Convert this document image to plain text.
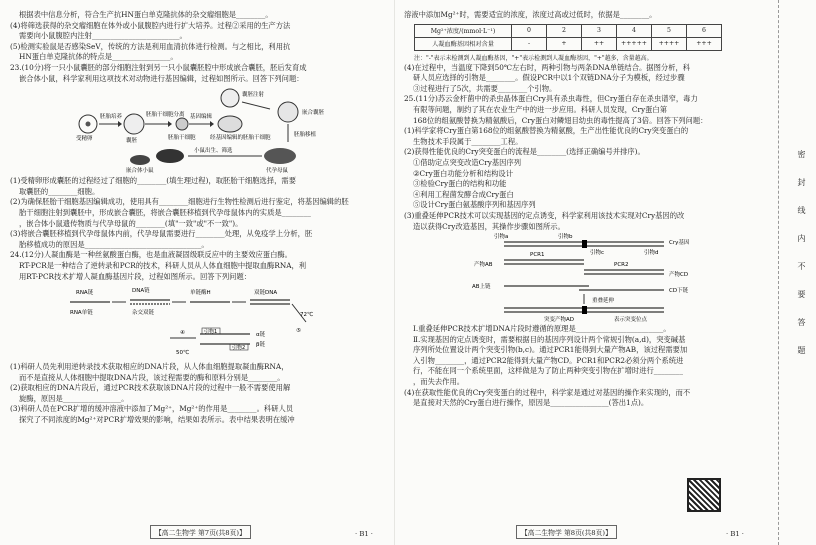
根据表中信息分析，符合生产抗HN蛋白单克隆抗体的杂交瘤细胞是________。

(4)将筛选获得的杂交瘤细胞在体外或小鼠腹腔内进行扩大培养。过程②采用的生产方法

需要向小鼠腹腔内注射________________________。

(5)检测实验鼠是否感染SeV，传统的方法是利用血清抗体进行检测。与之相比，利用抗

HN蛋白单克隆抗体的特点是________________。

23.(10分)将一只小鼠囊胚的部分细胞注射到另一只小鼠囊胚腔中形成嵌合囊胚，胚后发育成

嵌合体小鼠，科学家利用这项技术对动物进行基因编辑，过程如图所示。回答下列问题：

受精卵
胚胎培养
囊胚
胚胎干细胞分离
胚胎干细胞
基因编辑
囊胚注射
嵌合囊胚
胚胎移植
经基因编辑的胚胎干细胞
嵌合体小鼠
小鼠出生、筛选
代孕母鼠

(1)受精卵形成囊胚的过程经过了细胞的________(填生理过程)，取胚胎干细胞选择，需要

取囊胚的________细胞。

(2)为确保胚胎干细胞基因编辑成功，使用具有________细胞进行生物性检测后进行鉴定，将基因编辑的胚

胎干细胞注射到囊胚中，形成嵌合囊胚，将嵌合囊胚移植到代孕母鼠体内的实质是________

，嵌合体小鼠遗传物质与代孕母鼠的________(填"一致"或"不一致")。

(3)将嵌合囊胚移植到代孕母鼠体内前，代孕母鼠需要进行________处理，从免疫学上分析，胚

胎移植成功的原因是________________________________。

24.(12分)人凝血酶是一种丝氨酸蛋白酶，也是血液凝固级联反应中的主要效应蛋白酶。

RT-PCR是一种结合了逆转录和PCR的技术，科研人员从人体血细胞中提取血酶RNA，利

用RT-PCR技术扩增人凝血酶基因片段，过程如图所示。回答下列问题：

RNA链	DNA链
RNA单链	杂交双链
单链酶H	双链DNA
72℃
50℃
引物1
引物2
α链
β链
④	⑤

(1)科研人员先利用逆转录技术获取相应的DNA片段，从人体血细胞提取凝血酶RNA，

而不是直接从人体细胞中提取DNA片段，该过程需要的酶和原料分别是________。

(2)获取相应的DNA片段后，通过PCR技术获取该DNA片段的过程中一般不需要使用解

旋酶，原因是________________。

(3)科研人员在PCR扩增的缓冲溶液中添加了Mg²⁺，Mg²⁺的作用是________。科研人员

探究了不同浓度的Mg²⁺对PCR扩增效果的影响，结果如表所示。表中结果表明在缓冲

【高二生物学 第7页(共8页)】	· B1 ·

溶液中添加Mg²⁺时，需要适宜的浓度，浓度过高或过低时，依据是________。

Mg²⁺浓度/(mmol·L⁻¹)	0	2	3	4	5	6
人凝血酶基因相对含量	-	+	++	+++++	++++	+++

注："-"表示未检测到人凝血酶基因，"+"表示检测到人凝血酶基因，"+"越多，含量越高。

(4)在过程中，当温度下降到50℃左右时，两种引物与两条DNA单链结合。据图分析，科

研人员应选择的引物是________。假设PCR中以1个双链DNA分子为模板，经过步骤

③过程进行了5次，共需要________个引物。

25.(11分)苏云金杆菌中的杀虫晶体蛋白Cry具有杀虫毒性，但Cry蛋白存在杀虫谱窄，毒力

有限等问题，制约了其在农业生产中的进一步应用。科研人员发现，Cry蛋白第

168位的组氨酸替换为精氨酸后，Cry蛋白对鳞翅目幼虫的毒性提高了3倍。回答下列问题：

(1)科学家将Cry蛋白第168位的组氨酸替换为精氨酸，生产出性能优良的Cry突变蛋白的

生物技术手段属于________工程。

(2)获得性能优良的Cry突变蛋白的流程是________(选择正确编号并排序)。

①借助定点突变改造Cry基因序列

②Cry蛋白功能分析和结构设计

③检验Cry蛋白的结构和功能

④利用工程菌发酵合成Cry蛋白

⑤设计Cry蛋白氨基酸序列和基因序列

(3)重叠延伸PCR技术可以实现基因的定点诱变，科学家利用该技术实现对Cry基因的改

造以获得Cry改造基因，其操作步骤如图所示。

引物a
Cry基因
引物b
引物c	引物d
产物AB
PCR1
PCR2
产物CD
AB上链
重叠延伸
CD下链
突变产物AD	表示突变位点

Ⅰ.重叠延伸PCR技术扩增DNA片段时遵循的原理是________________________。

Ⅱ.实现基因的定点诱变时，需要根据目的基因序列设计两个常规引物(a,d)，突变碱基

序列所处位置设计两个突变引物(b,c)。通过PCR1能得到大量产物AB，该过程需要加

入引物________，通过PCR2能得到大量产物CD。PCR1和PCR2必须分两个系统进

行，不能在同一个系统里面，这样做是为了防止两种突变引物在扩增时进行________

，而失去作用。

(4)在获取性能优良的Cry突变蛋白的过程中，科学家是通过对基因的操作来实现的，而不

是直接对天然的Cry蛋白进行操作，原因是________________(答出1点)。

【高二生物学 第8页(共8页)】	· B1 ·
密封线内不要答题
